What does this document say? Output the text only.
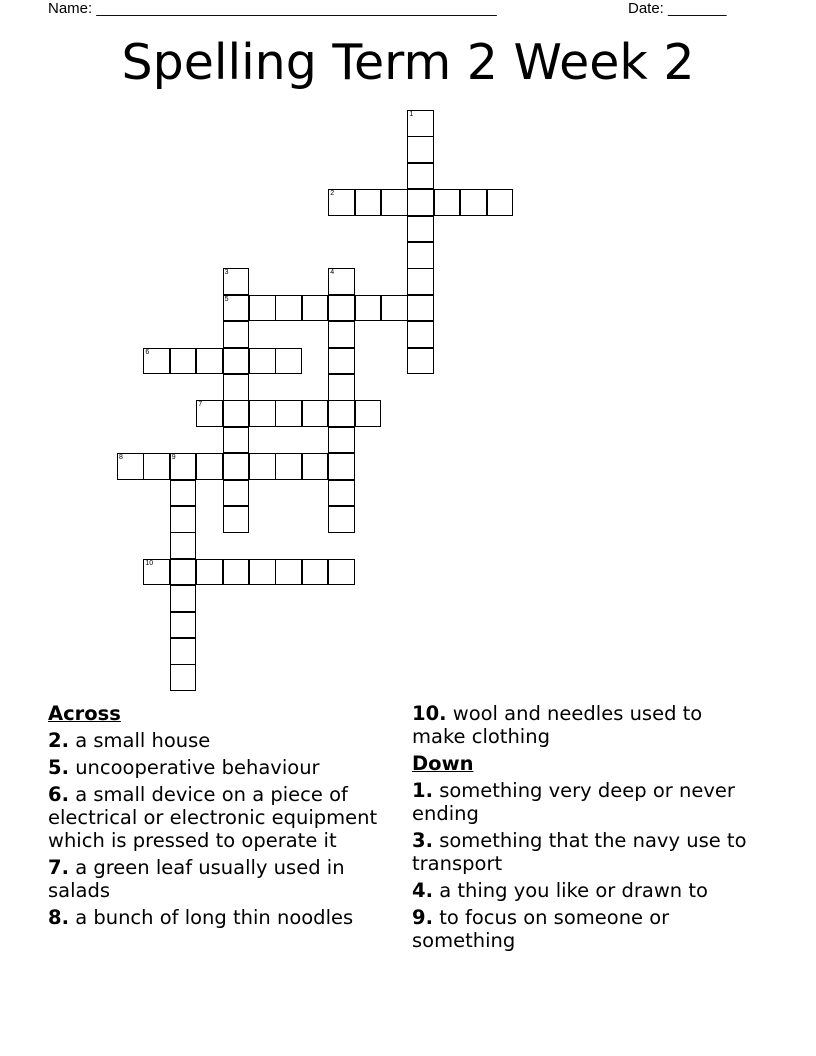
Name: ________________________________________________	Date: _______
Spelling Term 2 Week 2
1
2
3
5
4
6
7
8	9
10
Across
2. a small house
5. uncooperative behaviour
6. a small device on a piece of electrical or electronic equipment which is pressed to operate it
7. a green leaf usually used in salads
8. a bunch of long thin noodles
10. wool and needles used to make clothing
Down
1. something very deep or never ending
3. something that the navy use to transport
4. a thing you like or drawn to
9. to focus on someone or something
